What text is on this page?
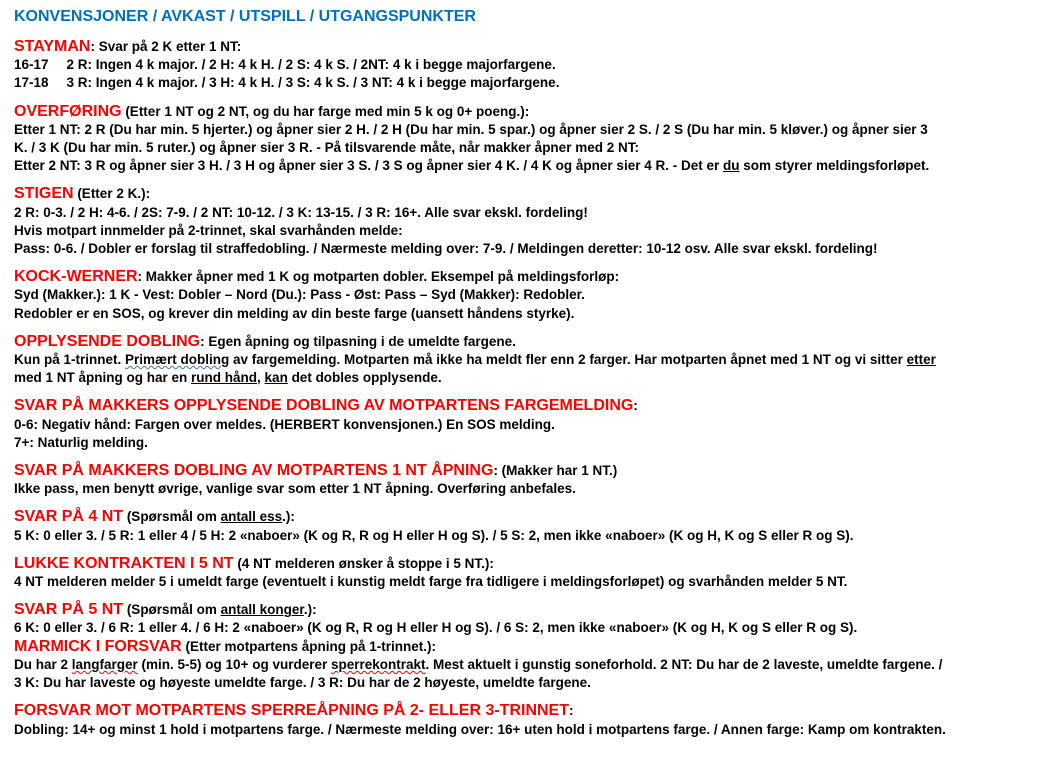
KONVENSJONER / AVKAST / UTSPILL / UTGANGSPUNKTER
STAYMAN: Svar på 2 K etter 1 NT:
16-17 2 R: Ingen 4 k major. / 2 H: 4 k H. / 2 S: 4 k S. / 2NT: 4 k i begge majorfargene.
17-18 3 R: Ingen 4 k major. / 3 H: 4 k H. / 3 S: 4 k S. / 3 NT: 4 k i begge majorfargene.
OVERFØRING (Etter 1 NT og 2 NT, og du har farge med min 5 k og 0+ poeng.):
Etter 1 NT: 2 R (Du har min. 5 hjerter.) og åpner sier 2 H. / 2 H (Du har min. 5 spar.) og åpner sier 2 S. / 2 S (Du har min. 5 kløver.) og åpner sier 3
K. / 3 K (Du har min. 5 ruter.) og åpner sier 3 R. - På tilsvarende måte, når makker åpner med 2 NT:
Etter 2 NT: 3 R og åpner sier 3 H. / 3 H og åpner sier 3 S. / 3 S og åpner sier 4 K. / 4 K og åpner sier 4 R. - Det er du som styrer meldingsforløpet.
STIGEN (Etter 2 K.):
2 R: 0-3. / 2 H: 4-6. / 2S: 7-9. / 2 NT: 10-12. / 3 K: 13-15. / 3 R: 16+. Alle svar ekskl. fordeling!
Hvis motpart innmelder på 2-trinnet, skal svarhånden melde:
Pass: 0-6. / Dobler er forslag til straffedobling. / Nærmeste melding over: 7-9. / Meldingen deretter: 10-12 osv. Alle svar ekskl. fordeling!
KOCK-WERNER: Makker åpner med 1 K og motparten dobler. Eksempel på meldingsforløp:
Syd (Makker.): 1 K - Vest: Dobler – Nord (Du.): Pass - Øst: Pass – Syd (Makker): Redobler.
Redobler er en SOS, og krever din melding av din beste farge (uansett håndens styrke).
OPPLYSENDE DOBLING: Egen åpning og tilpasning i de umeldte fargene.
Kun på 1-trinnet. Primært dobling av fargemelding. Motparten må ikke ha meldt fler enn 2 farger. Har motparten åpnet med 1 NT og vi sitter etter
med 1 NT åpning og har en rund hånd, kan det dobles opplysende.
SVAR PÅ MAKKERS OPPLYSENDE DOBLING AV MOTPARTENS FARGEMELDING:
0-6: Negativ hånd: Fargen over meldes. (HERBERT konvensjonen.) En SOS melding.
7+: Naturlig melding.
SVAR PÅ MAKKERS DOBLING AV MOTPARTENS 1 NT ÅPNING: (Makker har 1 NT.)
Ikke pass, men benytt øvrige, vanlige svar som etter 1 NT åpning. Overføring anbefales.
SVAR PÅ 4 NT (Spørsmål om antall ess.):
5 K: 0 eller 3. / 5 R: 1 eller 4 / 5 H: 2 «naboer» (K og R, R og H eller H og S). / 5 S: 2, men ikke «naboer» (K og H, K og S eller R og S).
LUKKE KONTRAKTEN I 5 NT (4 NT melderen ønsker å stoppe i 5 NT.):
4 NT melderen melder 5 i umeldt farge (eventuelt i kunstig meldt farge fra tidligere i meldingsforløpet) og svarhånden melder 5 NT.
SVAR PÅ 5 NT (Spørsmål om antall konger.):
6 K: 0 eller 3. / 6 R: 1 eller 4. / 6 H: 2 «naboer» (K og R, R og H eller H og S). / 6 S: 2, men ikke «naboer» (K og H, K og S eller R og S).
MARMICK I FORSVAR (Etter motpartens åpning på 1-trinnet.):
Du har 2 langfarger (min. 5-5) og 10+ og vurderer sperrekontrakt. Mest aktuelt i gunstig soneforhold. 2 NT: Du har de 2 laveste, umeldte fargene. /
3 K: Du har laveste og høyeste umeldte farge. / 3 R: Du har de 2 høyeste, umeldte fargene.
FORSVAR MOT MOTPARTENS SPERREÅPNING PÅ 2- ELLER 3-TRINNET:
Dobling: 14+ og minst 1 hold i motpartens farge. / Nærmeste melding over: 16+ uten hold i motpartens farge. / Annen farge: Kamp om kontrakten.
